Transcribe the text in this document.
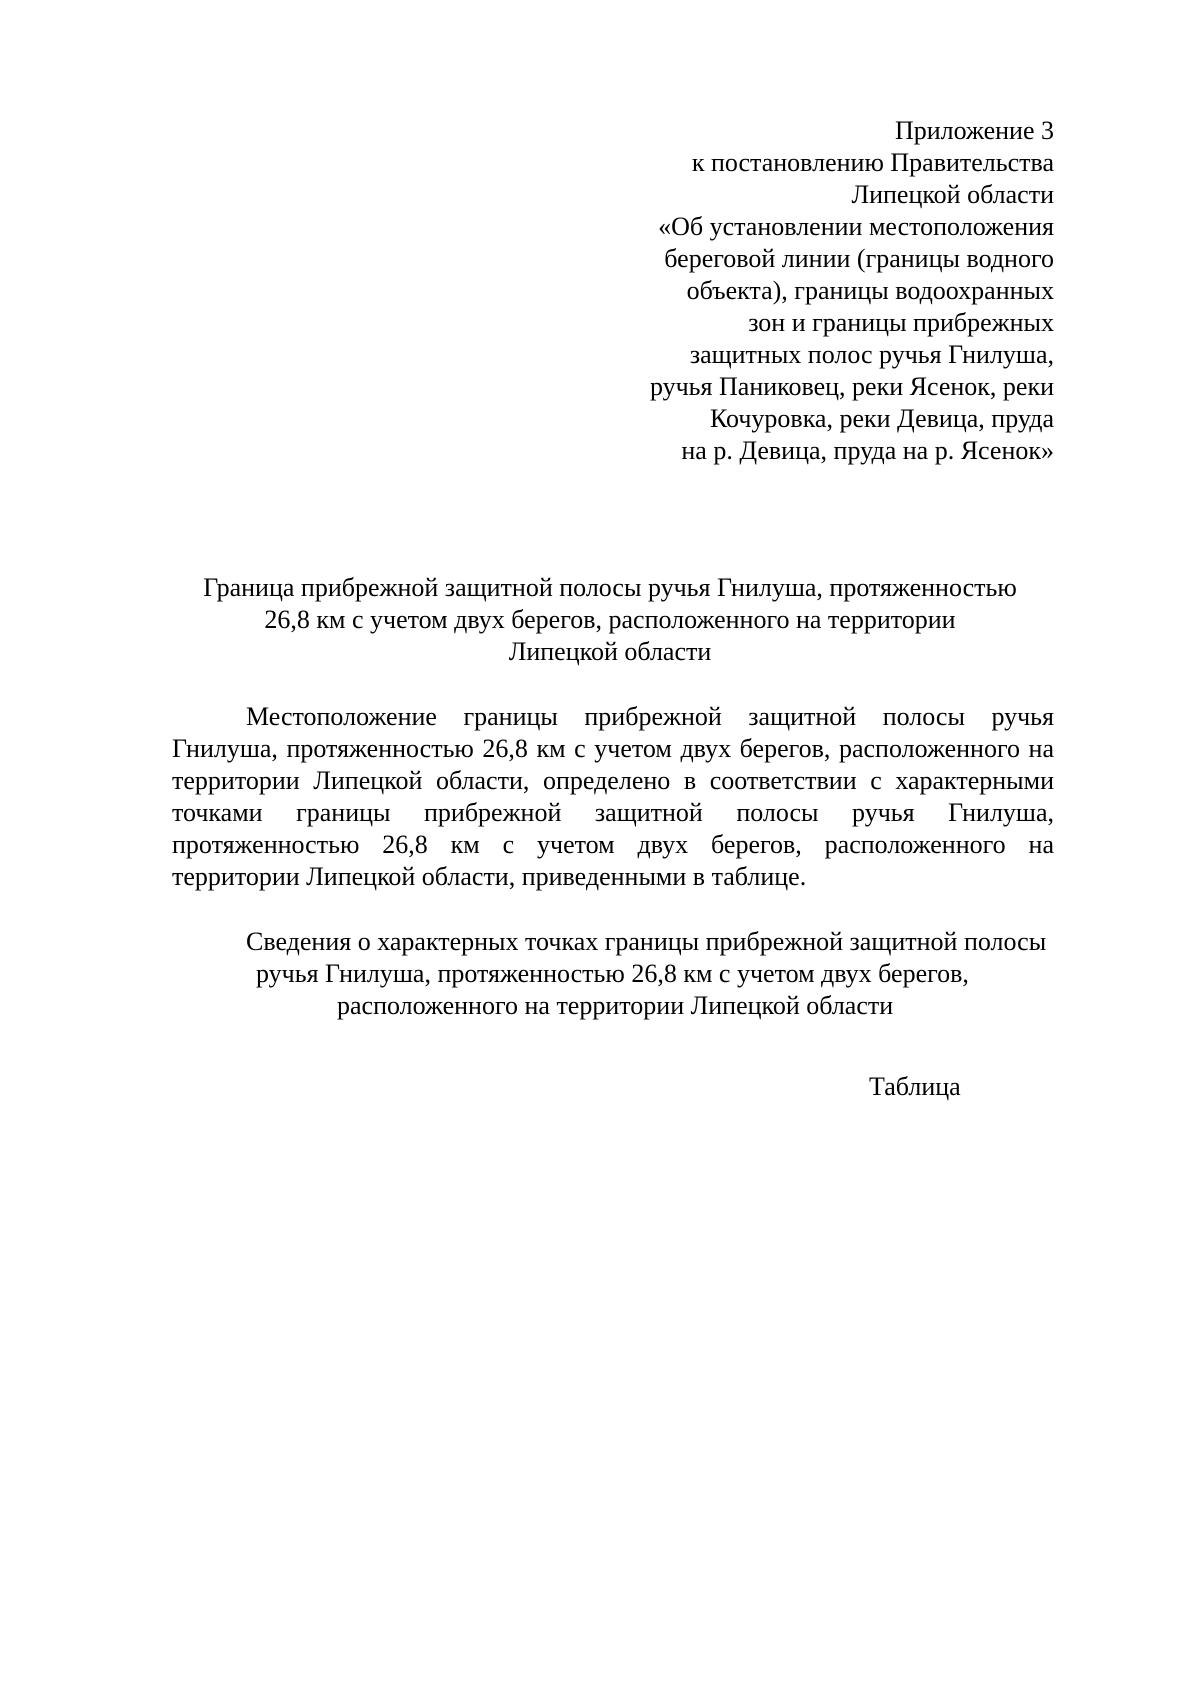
Приложение 3
к постановлению Правительства
Липецкой области
«Об установлении местоположения
береговой линии (границы водного
объекта), границы водоохранных
зон и границы прибрежных
защитных полос ручья Гнилуша,
ручья Паниковец, реки Ясенок, реки
Кочуровка, реки Девица, пруда
на р. Девица, пруда на р. Ясенок»
Граница прибрежной защитной полосы ручья Гнилуша, протяженностью
26,8 км с учетом двух берегов, расположенного на территории
Липецкой области

Местоположение границы прибрежной защитной полосы ручья Гнилуша, протяженностью 26,8 км с учетом двух берегов, расположенного на территории Липецкой области, определено в соответствии с характерными точками границы прибрежной защитной полосы ручья Гнилуша, протяженностью 26,8 км с учетом двух берегов, расположенного на территории Липецкой области, приведенными в таблице.

Сведения о характерных точках границы прибрежной защитной полосы
ручья Гнилуша, протяженностью 26,8 км с учетом двух берегов,
расположенного на территории Липецкой области
Таблица
